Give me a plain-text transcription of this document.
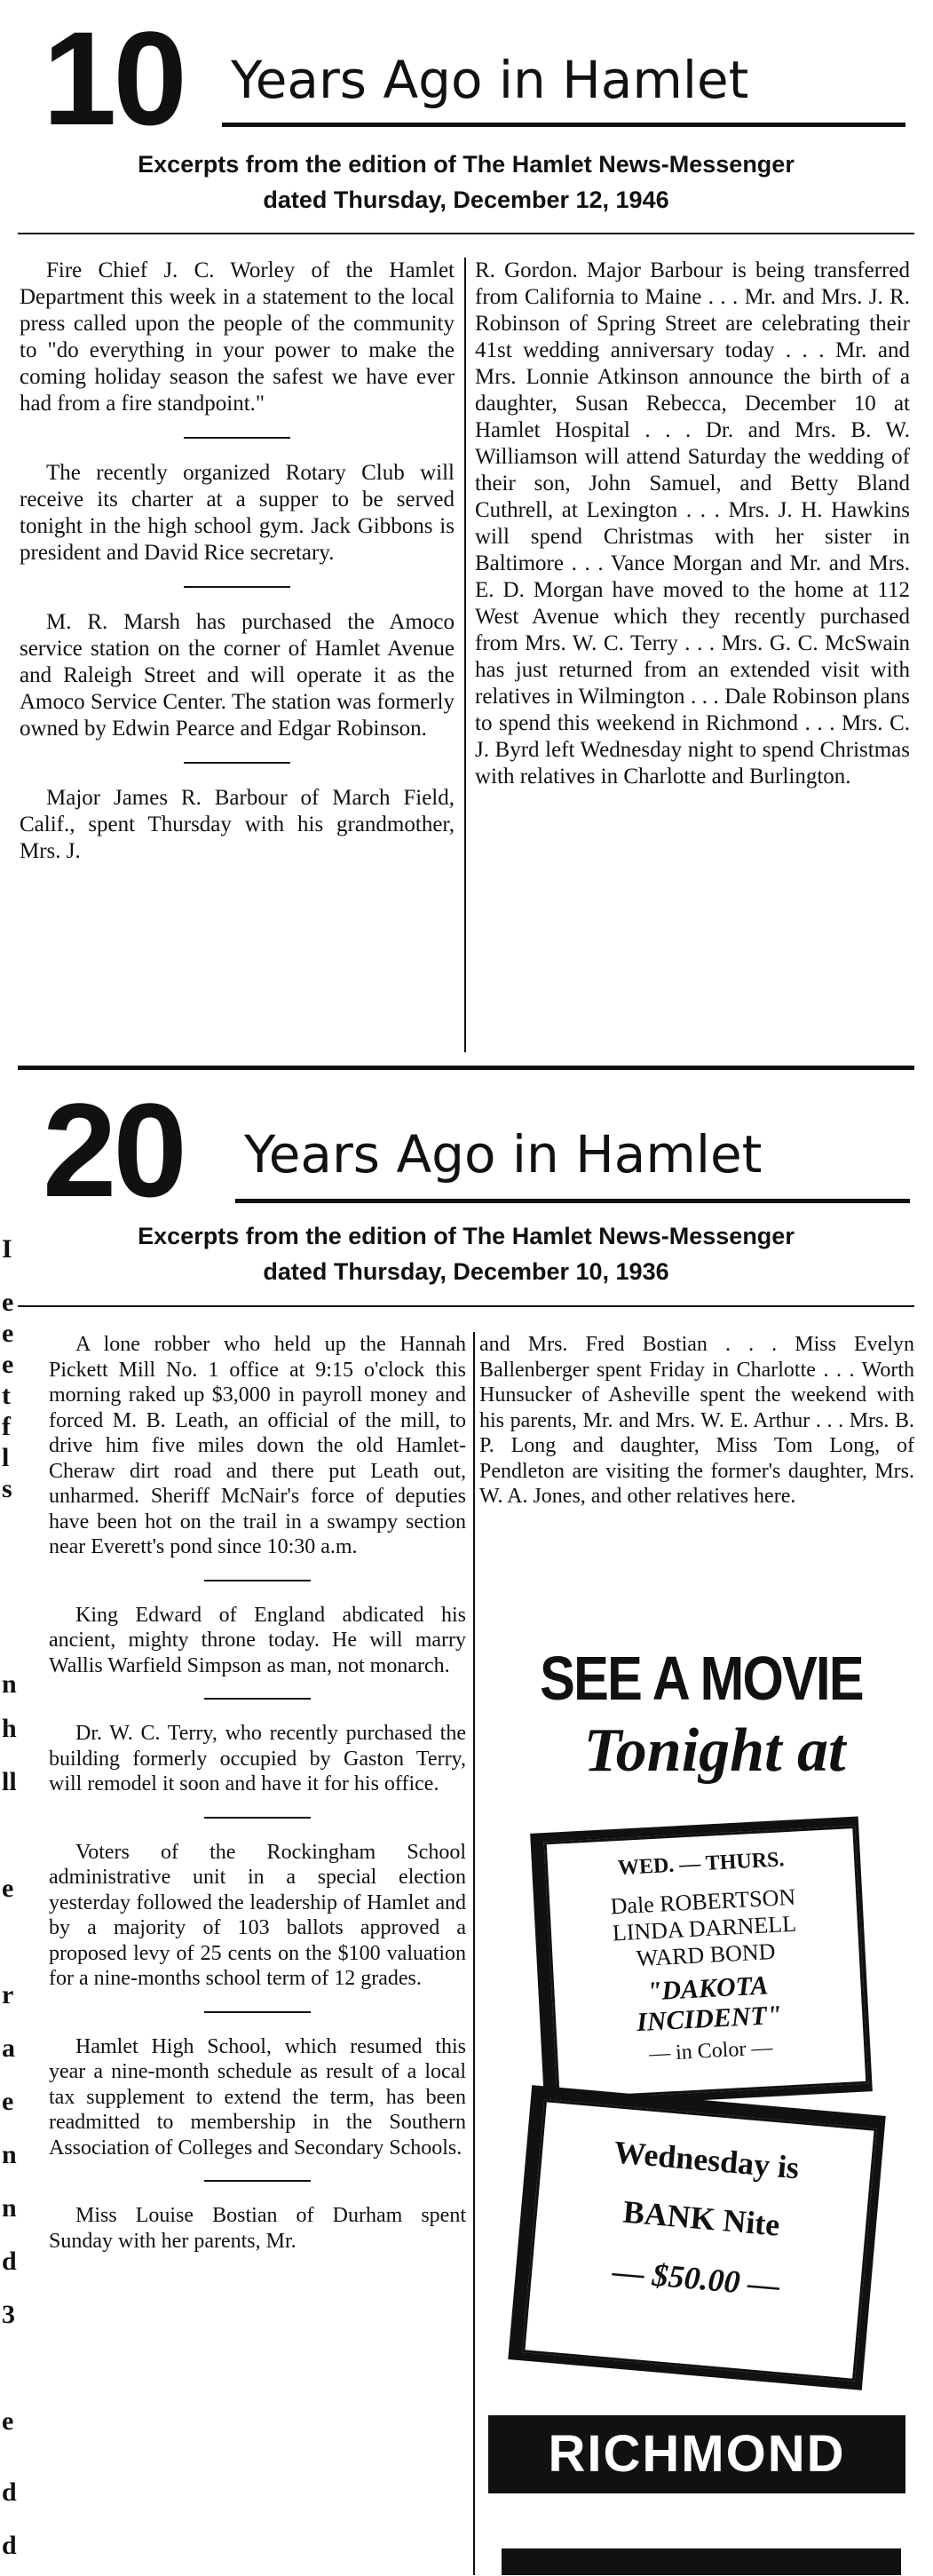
I
e
e
e
t
f
l
s
n
h
ll
e
r
a
e
n
n
d
3
e
d
d
10 Years Ago in Hamlet
Excerpts from the edition of The Hamlet News-Messenger
dated Thursday, December 12, 1946

Fire Chief J. C. Worley of the Hamlet Department this week in a statement to the local press called upon the people of the community to "do everything in your power to make the coming holiday season the safest we have ever had from a fire standpoint."

The recently organized Rotary Club will receive its charter at a supper to be served tonight in the high school gym. Jack Gibbons is president and David Rice secretary.

M. R. Marsh has purchased the Amoco service station on the corner of Hamlet Avenue and Raleigh Street and will operate it as the Amoco Service Center. The station was formerly owned by Edwin Pearce and Edgar Robinson.

Major James R. Barbour of March Field, Calif., spent Thursday with his grandmother, Mrs. J.

R. Gordon. Major Barbour is being transferred from California to Maine . . . Mr. and Mrs. J. R. Robinson of Spring Street are celebrating their 41st wedding anniversary today . . . Mr. and Mrs. Lonnie Atkinson announce the birth of a daughter, Susan Rebecca, December 10 at Hamlet Hospital . . . Dr. and Mrs. B. W. Williamson will attend Saturday the wedding of their son, John Samuel, and Betty Bland Cuthrell, at Lexington . . . Mrs. J. H. Hawkins will spend Christmas with her sister in Baltimore . . . Vance Morgan and Mr. and Mrs. E. D. Morgan have moved to the home at 112 West Avenue which they recently purchased from Mrs. W. C. Terry . . . Mrs. G. C. McSwain has just returned from an extended visit with relatives in Wilmington . . . Dale Robinson plans to spend this weekend in Richmond . . . Mrs. C. J. Byrd left Wednesday night to spend Christmas with relatives in Charlotte and Burlington.

20 Years Ago in Hamlet
Excerpts from the edition of The Hamlet News-Messenger
dated Thursday, December 10, 1936

A lone robber who held up the Hannah Pickett Mill No. 1 office at 9:15 o'clock this morning raked up $3,000 in payroll money and forced M. B. Leath, an official of the mill, to drive him five miles down the old Hamlet-Cheraw dirt road and there put Leath out, unharmed. Sheriff McNair's force of deputies have been hot on the trail in a swampy section near Everett's pond since 10:30 a.m.

King Edward of England abdicated his ancient, mighty throne today. He will marry Wallis Warfield Simpson as man, not monarch.

Dr. W. C. Terry, who recently purchased the building formerly occupied by Gaston Terry, will remodel it soon and have it for his office.

Voters of the Rockingham School administrative unit in a special election yesterday followed the leadership of Hamlet and by a majority of 103 ballots approved a proposed levy of 25 cents on the $100 valuation for a nine-months school term of 12 grades.

Hamlet High School, which resumed this year a nine-month schedule as result of a local tax supplement to extend the term, has been readmitted to membership in the Southern Association of Colleges and Secondary Schools.

Miss Louise Bostian of Durham spent Sunday with her parents, Mr.

and Mrs. Fred Bostian . . . Miss Evelyn Ballenberger spent Friday in Charlotte . . . Worth Hunsucker of Asheville spent the weekend with his parents, Mr. and Mrs. W. E. Arthur . . . Mrs. B. P. Long and daughter, Miss Tom Long, of Pendleton are visiting the former's daughter, Mrs. W. A. Jones, and other relatives here.

SEE A MOVIE
Tonight at
WED. — THURS.
Dale ROBERTSON
LINDA DARNELL
WARD BOND
"DAKOTA INCIDENT"
— in Color —
Wednesday is
BANK Nite
— $50.00 —
RICHMOND
